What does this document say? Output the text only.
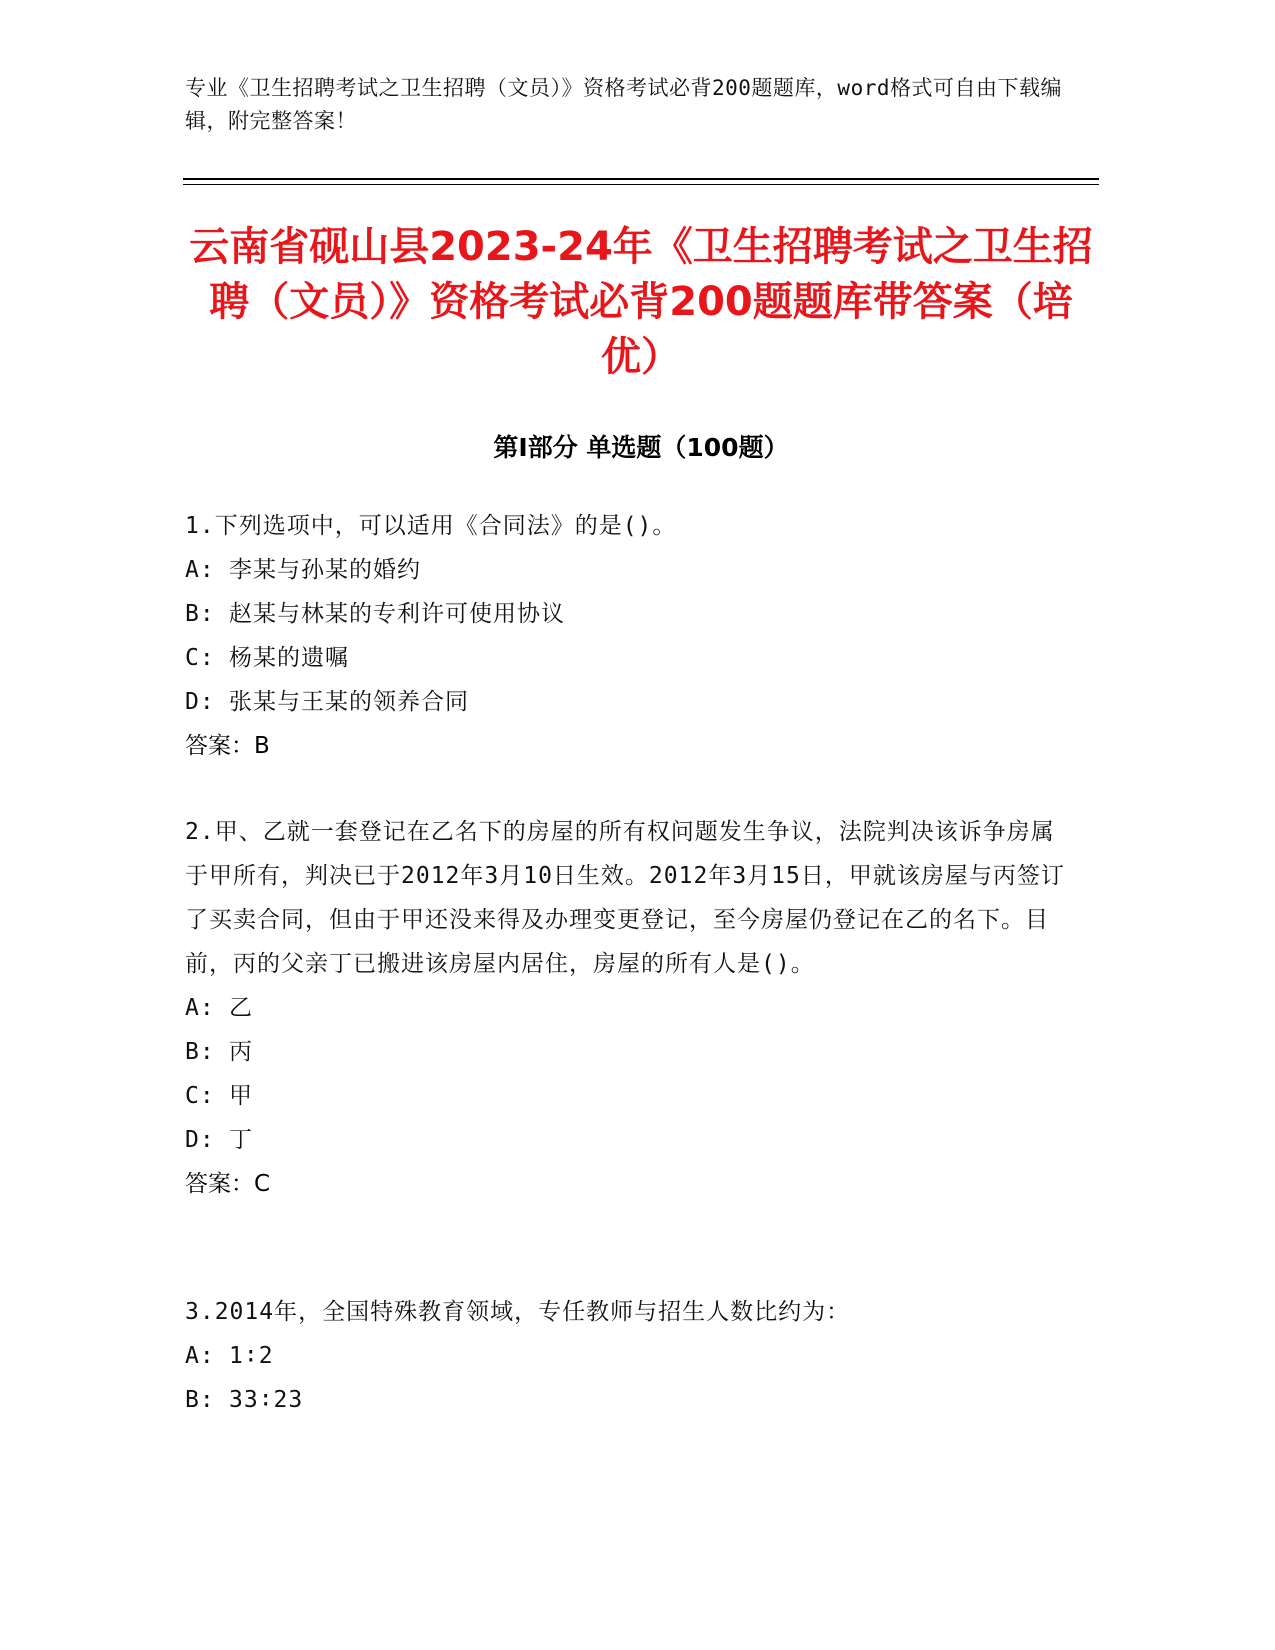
专业《卫生招聘考试之卫生招聘（文员）》资格考试必背200题题库，word格式可自由下载编辑，附完整答案！
云南省砚山县2023-24年《卫生招聘考试之卫生招聘（文员）》资格考试必背200题题库带答案（培优）
第Ⅰ部分 单选题（100题）
1.下列选项中，可以适用《合同法》的是()。
A: 李某与孙某的婚约
B: 赵某与林某的专利许可使用协议
C: 杨某的遗嘱
D: 张某与王某的领养合同
答案：B
2.甲、乙就一套登记在乙名下的房屋的所有权问题发生争议，法院判决该诉争房属于甲所有，判决已于2012年3月10日生效。2012年3月15日，甲就该房屋与丙签订了买卖合同，但由于甲还没来得及办理变更登记，至今房屋仍登记在乙的名下。目前，丙的父亲丁已搬进该房屋内居住，房屋的所有人是()。
A: 乙
B: 丙
C: 甲
D: 丁
答案：C
3.2014年，全国特殊教育领域，专任教师与招生人数比约为：
A: 1∶2
B: 33∶23
